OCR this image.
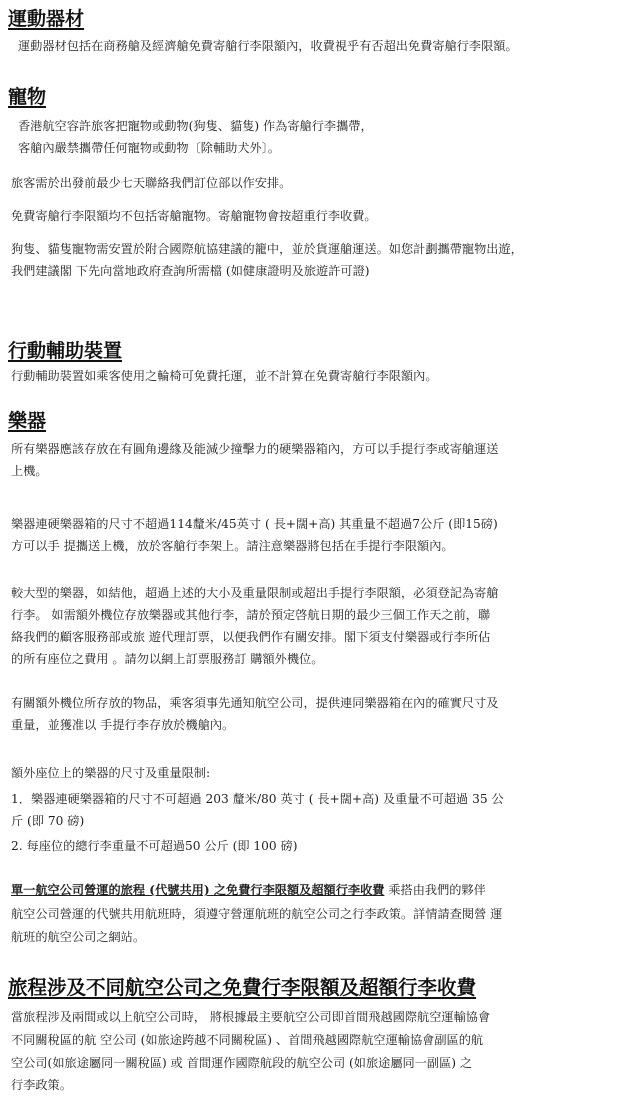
運動器材

運動器材包括在商務艙及經濟艙免費寄艙行李限額內，收費視乎有否超出免費寄艙行李限額。

寵物

香港航空容許旅客把寵物或動物(狗隻、貓隻) 作為寄艙行李攜帶，

客艙內嚴禁攜帶任何寵物或動物〔除輔助犬外〕。

旅客需於出發前最少七天聯絡我們訂位部以作安排。

免費寄艙行李限額均不包括寄艙寵物。寄艙寵物會按超重行李收費。

狗隻、貓隻寵物需安置於附合國際航協建議的籠中，並於貨運艙運送。如您計劃攜帶寵物出遊，

我們建議閣 下先向當地政府查詢所需檔 (如健康證明及旅遊許可證)

行動輔助裝置

行動輔助裝置如乘客使用之輪椅可免費托運，並不計算在免費寄艙行李限額內。

樂器

所有樂器應該存放在有圓角邊緣及能減少撞擊力的硬樂器箱內，方可以手提行李或寄艙運送

上機。

樂器連硬樂器箱的尺寸不超過114釐米/45英寸 ( 長+闊+高) 其重量不超過7公斤 (即15磅)

方可以手 提攜送上機，放於客艙行李架上。請注意樂器將包括在手提行李限額內。

較大型的樂器，如結他，超過上述的大小及重量限制或超出手提行李限額，必須登記為寄艙

行李。 如需額外機位存放樂器或其他行李，請於預定啓航日期的最少三個工作天之前，聯

絡我們的顧客服務部或旅 遊代理訂票，以便我們作有關安排。閣下須支付樂器或行李所佔

的所有座位之費用 。請勿以網上訂票服務訂 購額外機位。

有關額外機位所存放的物品，乘客須事先通知航空公司，提供連同樂器箱在內的確實尺寸及

重量，並獲准以 手提行李存放於機艙內。

額外座位上的樂器的尺寸及重量限制:

1．樂器連硬樂器箱的尺寸不可超過 203 釐米/80 英寸 ( 長+闊+高) 及重量不可超過 35 公

斤 (即 70 磅)

2. 每座位的總行李重量不可超過50 公斤 (即 100 磅)

單一航空公司營運的旅程 (代號共用) 之免費行李限額及超額行李收費 乘搭由我們的夥伴

航空公司營運的代號共用航班時，須遵守營運航班的航空公司之行李政策。詳情請查閱營 運

航班的航空公司之網站。

旅程涉及不同航空公司之免費行李限額及超額行李收費

當旅程涉及兩間或以上航空公司時， 將根據最主要航空公司即首間飛越國際航空運輸協會

不同關稅區的航 空公司 (如旅途跨越不同關稅區) 、首間飛越國際航空運輸協會副區的航

空公司(如旅途屬同一關稅區) 或 首間運作國際航段的航空公司 (如旅途屬同一副區) 之

行李政策。
